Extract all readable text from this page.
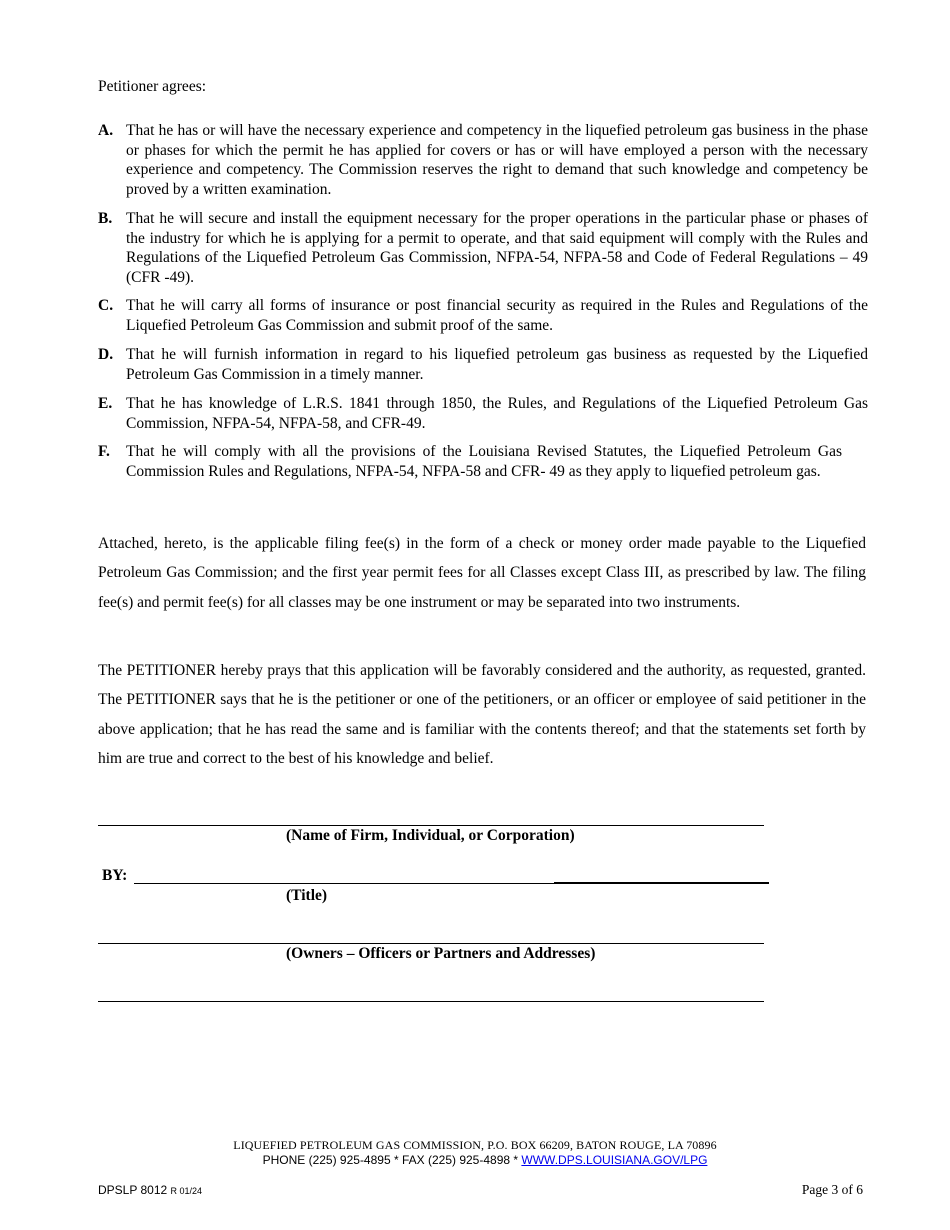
Petitioner agrees:
A. That he has or will have the necessary experience and competency in the liquefied petroleum gas business in the phase or phases for which the permit he has applied for covers or has or will have employed a person with the necessary experience and competency. The Commission reserves the right to demand that such knowledge and competency be proved by a written examination.
B. That he will secure and install the equipment necessary for the proper operations in the particular phase or phases of the industry for which he is applying for a permit to operate, and that said equipment will comply with the Rules and Regulations of the Liquefied Petroleum Gas Commission, NFPA-54, NFPA-58 and Code of Federal Regulations – 49 (CFR -49).
C. That he will carry all forms of insurance or post financial security as required in the Rules and Regulations of the Liquefied Petroleum Gas Commission and submit proof of the same.
D. That he will furnish information in regard to his liquefied petroleum gas business as requested by the Liquefied Petroleum Gas Commission in a timely manner.
E. That he has knowledge of L.R.S. 1841 through 1850, the Rules, and Regulations of the Liquefied Petroleum Gas Commission, NFPA-54, NFPA-58, and CFR-49.
F. That he will comply with all the provisions of the Louisiana Revised Statutes, the Liquefied Petroleum Gas Commission Rules and Regulations, NFPA-54, NFPA-58 and CFR- 49 as they apply to liquefied petroleum gas.
Attached, hereto, is the applicable filing fee(s) in the form of a check or money order made payable to the Liquefied Petroleum Gas Commission; and the first year permit fees for all Classes except Class III, as prescribed by law. The filing fee(s) and permit fee(s) for all classes may be one instrument or may be separated into two instruments.
The PETITIONER hereby prays that this application will be favorably considered and the authority, as requested, granted. The PETITIONER says that he is the petitioner or one of the petitioners, or an officer or employee of said petitioner in the above application; that he has read the same and is familiar with the contents thereof; and that the statements set forth by him are true and correct to the best of his knowledge and belief.
(Name of Firm, Individual, or Corporation)
BY:
(Title)
(Owners – Officers or Partners and Addresses)
LIQUEFIED PETROLEUM GAS COMMISSION, P.O. BOX 66209, BATON ROUGE, LA 70896
PHONE (225) 925-4895 * FAX (225) 925-4898 * WWW.DPS.LOUISIANA.GOV/LPG
DPSLP 8012 R 01/24	Page 3 of 6
